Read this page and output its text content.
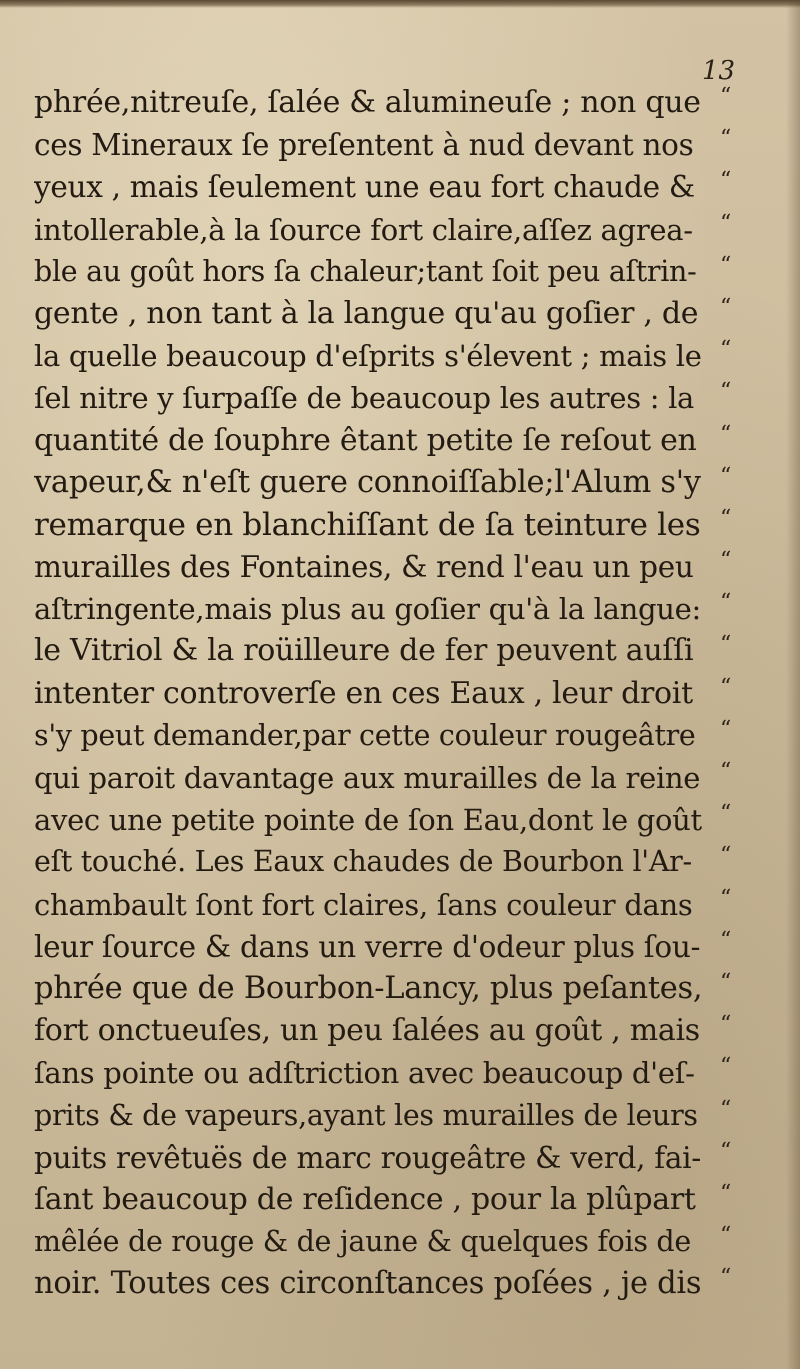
13
phrée,nitreuſe, ſalée & alumineuſe ; non que “
ces Mineraux ſe preſentent à nud devant nos “
yeux , mais ſeulement une eau fort chaude & “
intollerable,à la ſource fort claire,aſſez agrea- “
ble au goût hors ſa chaleur;tant ſoit peu aſtrin- “
gente , non tant à la langue qu'au goſier , de “
la quelle beaucoup d'eſprits s'élevent ; mais le “
ſel nitre y ſurpaſſe de beaucoup les autres : la “
quantité de ſouphre êtant petite ſe reſout en “
vapeur,& n'eſt guere connoiſſable;l'Alum s'y “
remarque en blanchiſſant de ſa teinture les “
murailles des Fontaines, & rend l'eau un peu “
aſtringente,mais plus au goſier qu'à la langue: “
le Vitriol & la roüilleure de fer peuvent auſſi “
intenter controverſe en ces Eaux , leur droit “
s'y peut demander,par cette couleur rougeâtre “
qui paroit davantage aux murailles de la reine “
avec une petite pointe de ſon Eau,dont le goût “
eſt touché. Les Eaux chaudes de Bourbon l'Ar- “
chambault ſont fort claires, ſans couleur dans “
leur ſource & dans un verre d'odeur plus ſou- “
phrée que de Bourbon-Lancy, plus peſantes, “
fort onctueuſes, un peu ſalées au goût , mais “
ſans pointe ou adſtriction avec beaucoup d'eſ- “
prits & de vapeurs,ayant les murailles de leurs “
puits revêtuës de marc rougeâtre & verd, fai- “
ſant beaucoup de reſidence , pour la plûpart “
mêlée de rouge & de jaune & quelques fois de “
noir. Toutes ces circonſtances poſées , je dis “
